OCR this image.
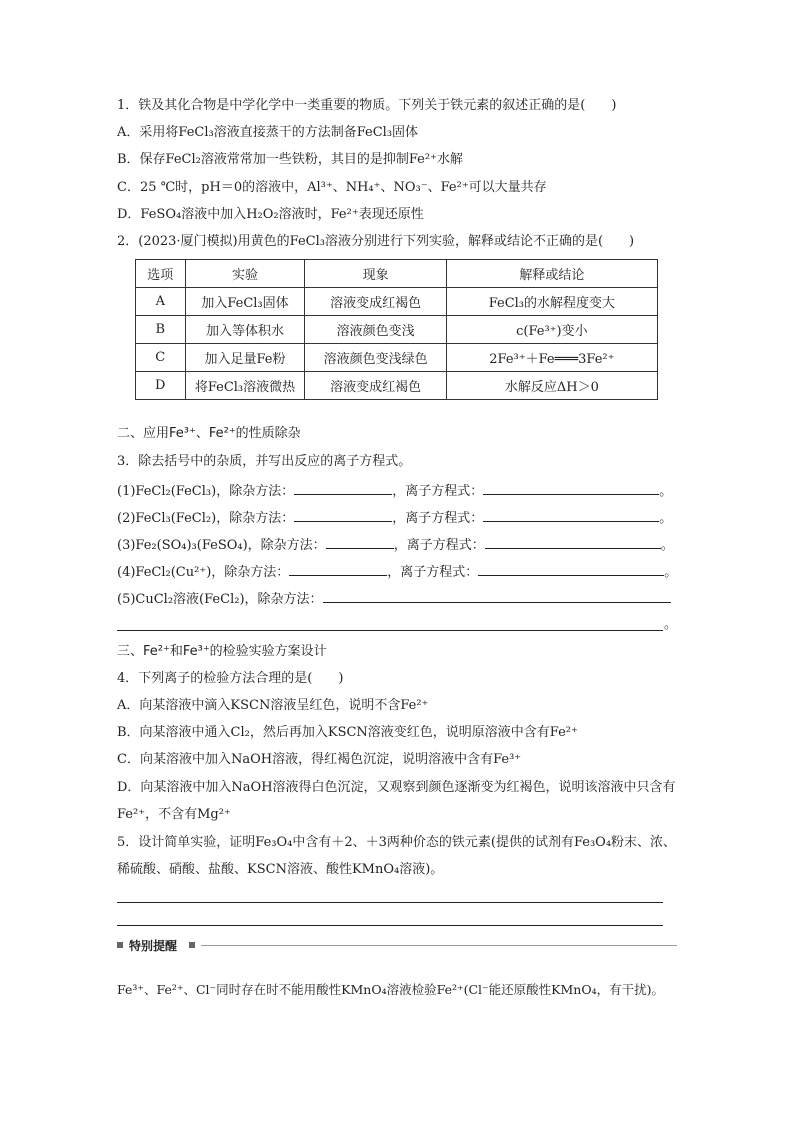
1．铁及其化合物是中学化学中一类重要的物质。下列关于铁元素的叙述正确的是(　　)
A．采用将FeCl₃溶液直接蒸干的方法制备FeCl₃固体
B．保存FeCl₂溶液常常加一些铁粉，其目的是抑制Fe²⁺水解
C．25 ℃时，pH＝0的溶液中，Al³⁺、NH₄⁺、NO₃⁻、Fe²⁺可以大量共存
D．FeSO₄溶液中加入H₂O₂溶液时，Fe²⁺表现还原性
2．(2023·厦门模拟)用黄色的FeCl₃溶液分别进行下列实验，解释或结论不正确的是(　　)
选项	实验	现象	解释或结论
A	加入FeCl₃固体	溶液变成红褐色	FeCl₃的水解程度变大
B	加入等体积水	溶液颜色变浅	c(Fe³⁺)变小
C	加入足量Fe粉	溶液颜色变浅绿色	2Fe³⁺＋Fe═══3Fe²⁺
D	将FeCl₃溶液微热	溶液变成红褐色	水解反应ΔH＞0
二、应用Fe³⁺、Fe²⁺的性质除杂
3．除去括号中的杂质，并写出反应的离子方程式。
(1)FeCl₂(FeCl₃)，除杂方法：	，离子方程式：	。
(2)FeCl₃(FeCl₂)，除杂方法：	，离子方程式：	。
(3)Fe₂(SO₄)₃(FeSO₄)，除杂方法：	，离子方程式：	。
(4)FeCl₂(Cu²⁺)，除杂方法：	，离子方程式：	。
(5)CuCl₂溶液(FeCl₂)，除杂方法：
。
三、Fe²⁺和Fe³⁺的检验实验方案设计
4．下列离子的检验方法合理的是(　　)
A．向某溶液中滴入KSCN溶液呈红色，说明不含Fe²⁺
B．向某溶液中通入Cl₂，然后再加入KSCN溶液变红色，说明原溶液中含有Fe²⁺
C．向某溶液中加入NaOH溶液，得红褐色沉淀，说明溶液中含有Fe³⁺
D．向某溶液中加入NaOH溶液得白色沉淀，又观察到颜色逐渐变为红褐色，说明该溶液中只含有Fe²⁺，不含有Mg²⁺
5．设计简单实验，证明Fe₃O₄中含有＋2、＋3两种价态的铁元素(提供的试剂有Fe₃O₄粉末、浓、稀硫酸、硝酸、盐酸、KSCN溶液、酸性KMnO₄溶液)。
特别提醒
Fe³⁺、Fe²⁺、Cl⁻同时存在时不能用酸性KMnO₄溶液检验Fe²⁺(Cl⁻能还原酸性KMnO₄，有干扰)。
